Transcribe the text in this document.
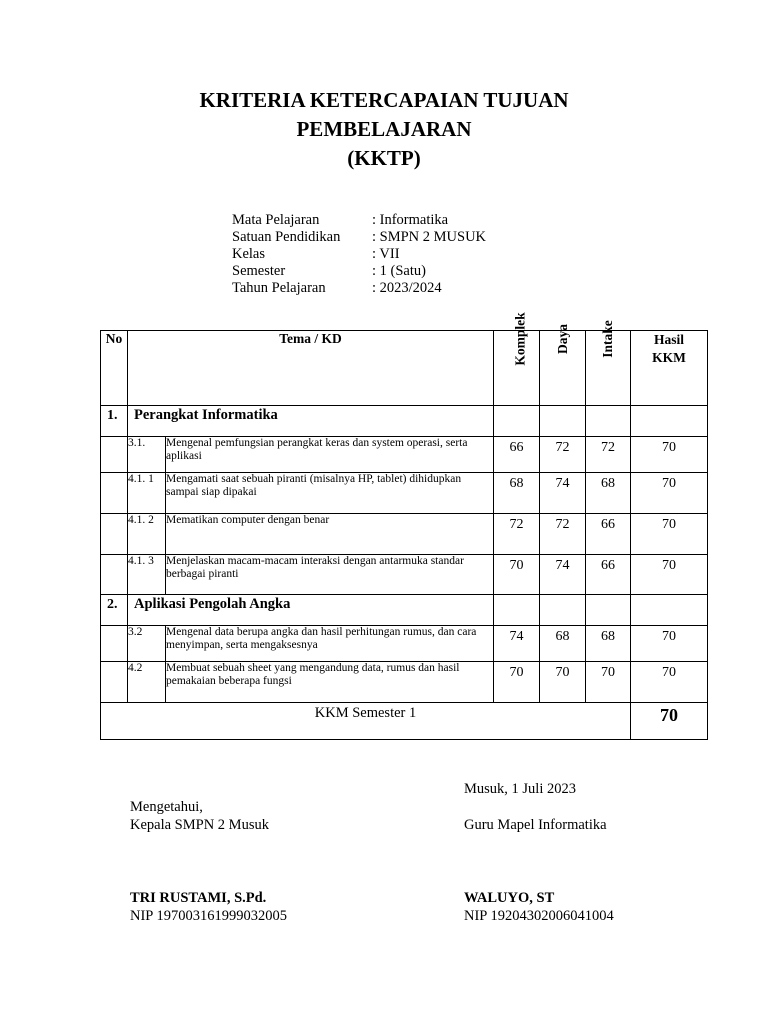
KRITERIA KETERCAPAIAN TUJUAN
PEMBELAJARAN
(KKTP)
Mata Pelajaran	: Informatika
Satuan Pendidikan	: SMPN 2 MUSUK
Kelas	: VII
Semester	: 1 (Satu)
Tahun Pelajaran	: 2023/2024
No	Tema / KD		Komplek	Daya	Intake	Hasil KKM
1.	Perangkat Informatika					
	3.1.	Mengenal pemfungsian perangkat keras dan system operasi, serta aplikasi	66	72	72	70
	4.1. 1	Mengamati saat sebuah piranti (misalnya HP, tablet) dihidupkan sampai siap dipakai	68	74	68	70
	4.1. 2	Mematikan computer dengan benar	72	72	66	70
	4.1. 3	Menjelaskan macam-macam interaksi dengan antarmuka standar berbagai piranti	70	74	66	70
2.	Aplikasi Pengolah Angka					
	3.2	Mengenal data berupa angka dan hasil perhitungan rumus, dan cara menyimpan, serta mengaksesnya	74	68	68	70
	4.2	Membuat sebuah sheet yang mengandung data, rumus dan hasil pemakaian beberapa fungsi	70	70	70	70
KKM Semester 1						70
Musuk, 1 Juli 2023
Mengetahui,
Kepala SMPN 2 Musuk	Guru Mapel Informatika
TRI RUSTAMI, S.Pd.
NIP 197003161999032005
WALUYO, ST
NIP 19204302006041004
